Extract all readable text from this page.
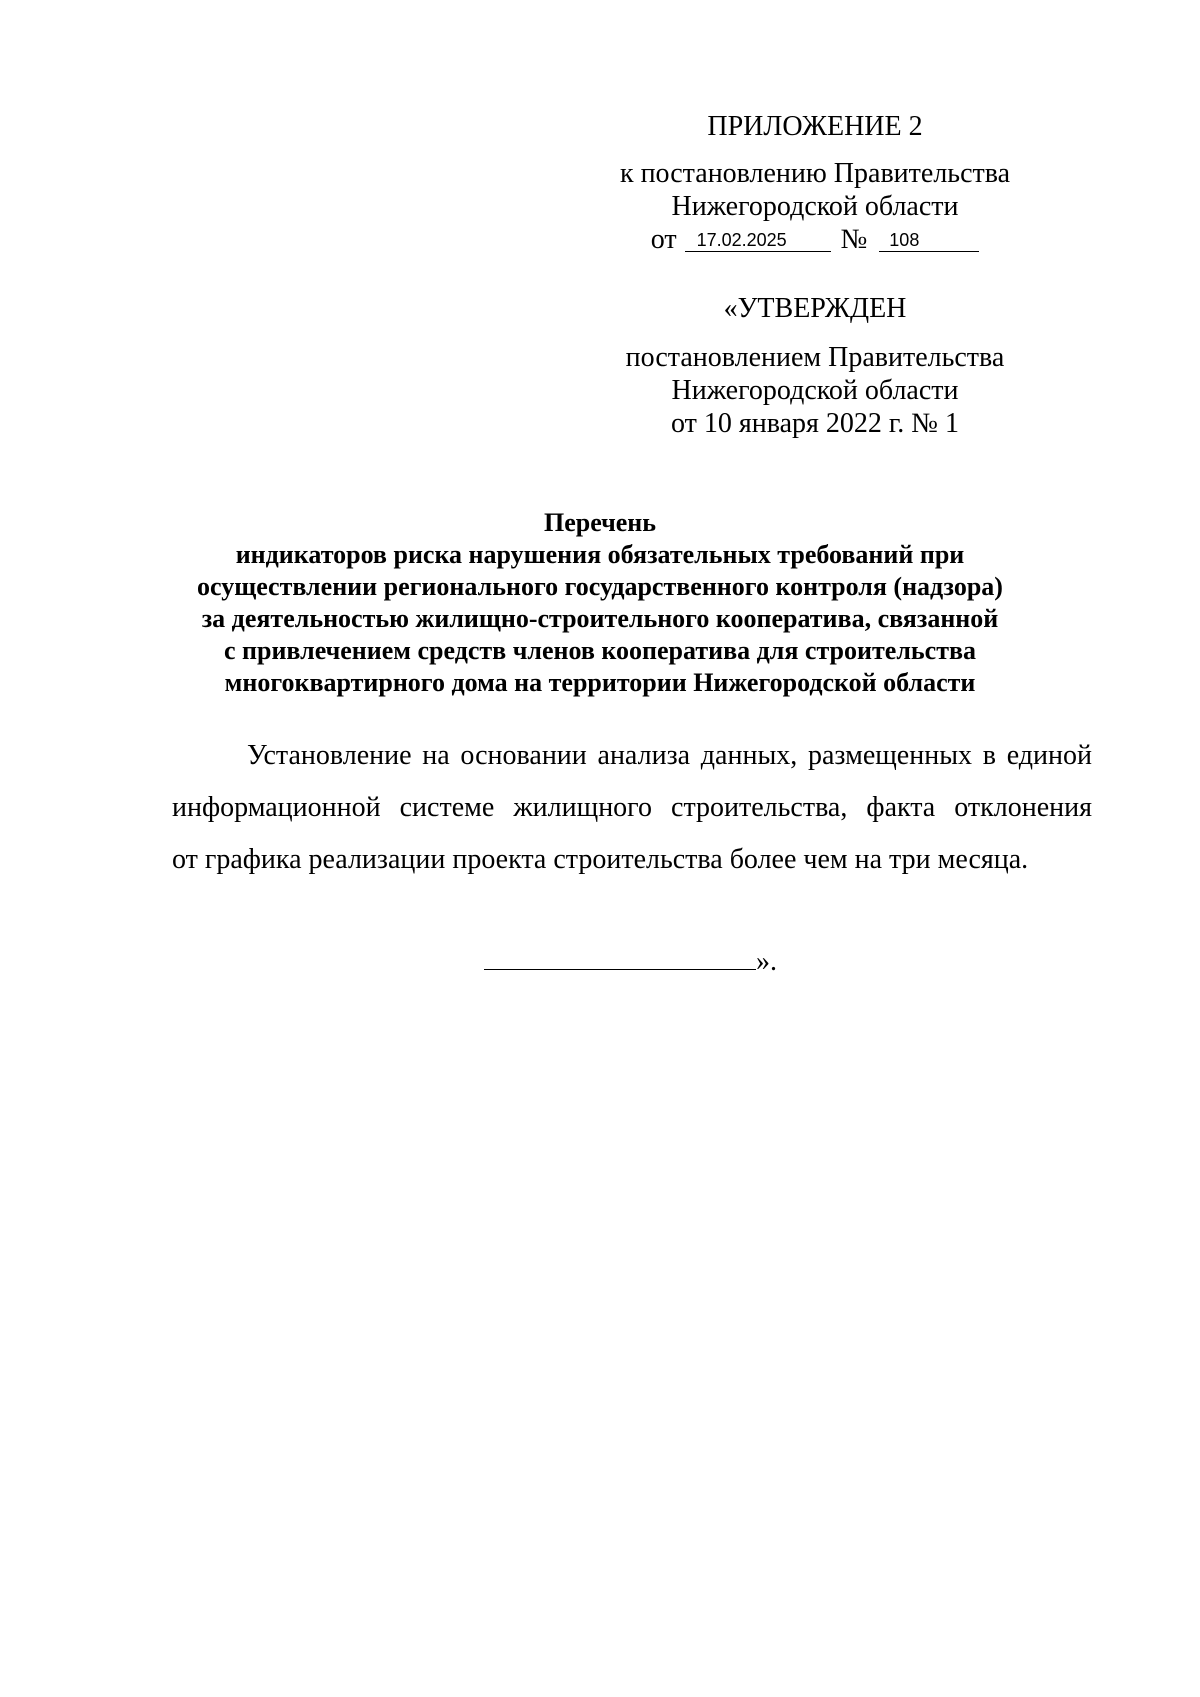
ПРИЛОЖЕНИЕ 2
к постановлению Правительства
Нижегородской области
от	17.02.2025	№	108
«УТВЕРЖДЕН
постановлением Правительства
Нижегородской области
от 10 января 2022 г. № 1
Перечень
индикаторов риска нарушения обязательных требований при
осуществлении регионального государственного контроля (надзора)
за деятельностью жилищно-строительного кооператива, связанной
с привлечением средств членов кооператива для строительства
многоквартирного дома на территории Нижегородской области
Установление на основании анализа данных, размещенных в единой
информационной системе жилищного строительства, факта отклонения
от графика реализации проекта строительства более чем на три месяца.
».
